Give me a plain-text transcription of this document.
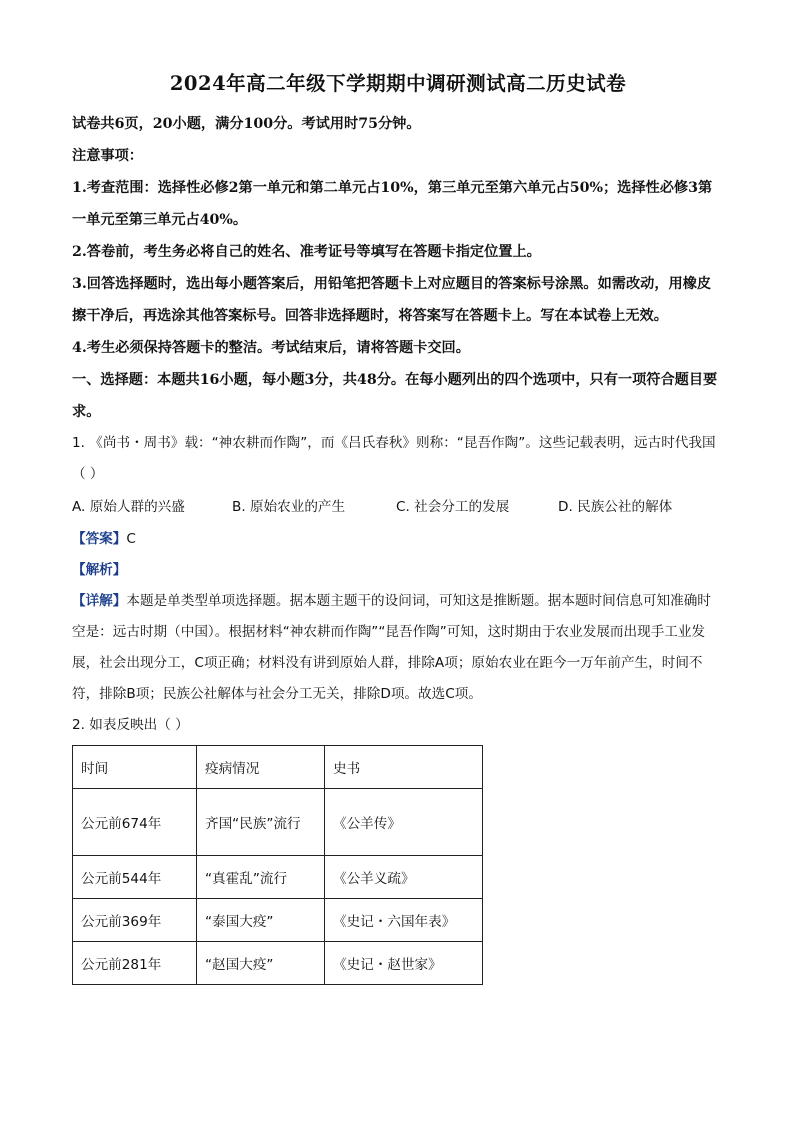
2024年高二年级下学期期中调研测试高二历史试卷

试卷共6页，20小题，满分100分。考试用时75分钟。

注意事项：

1.考查范围：选择性必修2第一单元和第二单元占10%，第三单元至第六单元占50%；选择性必修3第一单元至第三单元占40%。

2.答卷前，考生务必将自己的姓名、准考证号等填写在答题卡指定位置上。

3.回答选择题时，选出每小题答案后，用铅笔把答题卡上对应题目的答案标号涂黑。如需改动，用橡皮擦干净后，再选涂其他答案标号。回答非选择题时，将答案写在答题卡上。写在本试卷上无效。

4.考生必须保持答题卡的整洁。考试结束后，请将答题卡交回。

一、选择题：本题共16小题，每小题3分，共48分。在每小题列出的四个选项中，只有一项符合题目要求。

1. 《尚书・周书》载：“神农耕而作陶”，而《吕氏春秋》则称：“昆吾作陶”。这些记载表明，远古时代我国（ ）
A. 原始人群的兴盛	B. 原始农业的产生	C. 社会分工的发展	D. 民族公社的解体
【答案】C
【解析】
【详解】本题是单类型单项选择题。据本题主题干的设问词，可知这是推断题。据本题时间信息可知准确时空是：远古时期（中国）。根据材料“神农耕而作陶”“昆吾作陶”可知，这时期由于农业发展而出现手工业发展，社会出现分工，C项正确；材料没有讲到原始人群，排除A项；原始农业在距今一万年前产生，时间不符，排除B项；民族公社解体与社会分工无关，排除D项。故选C项。
2. 如表反映出（ ）
时间	疫病情况	史书
公元前674年	齐国“民族”流行	《公羊传》
公元前544年	“真霍乱”流行	《公羊义疏》
公元前369年	“泰国大疫”	《史记・六国年表》
公元前281年	“赵国大疫”	《史记・赵世家》
